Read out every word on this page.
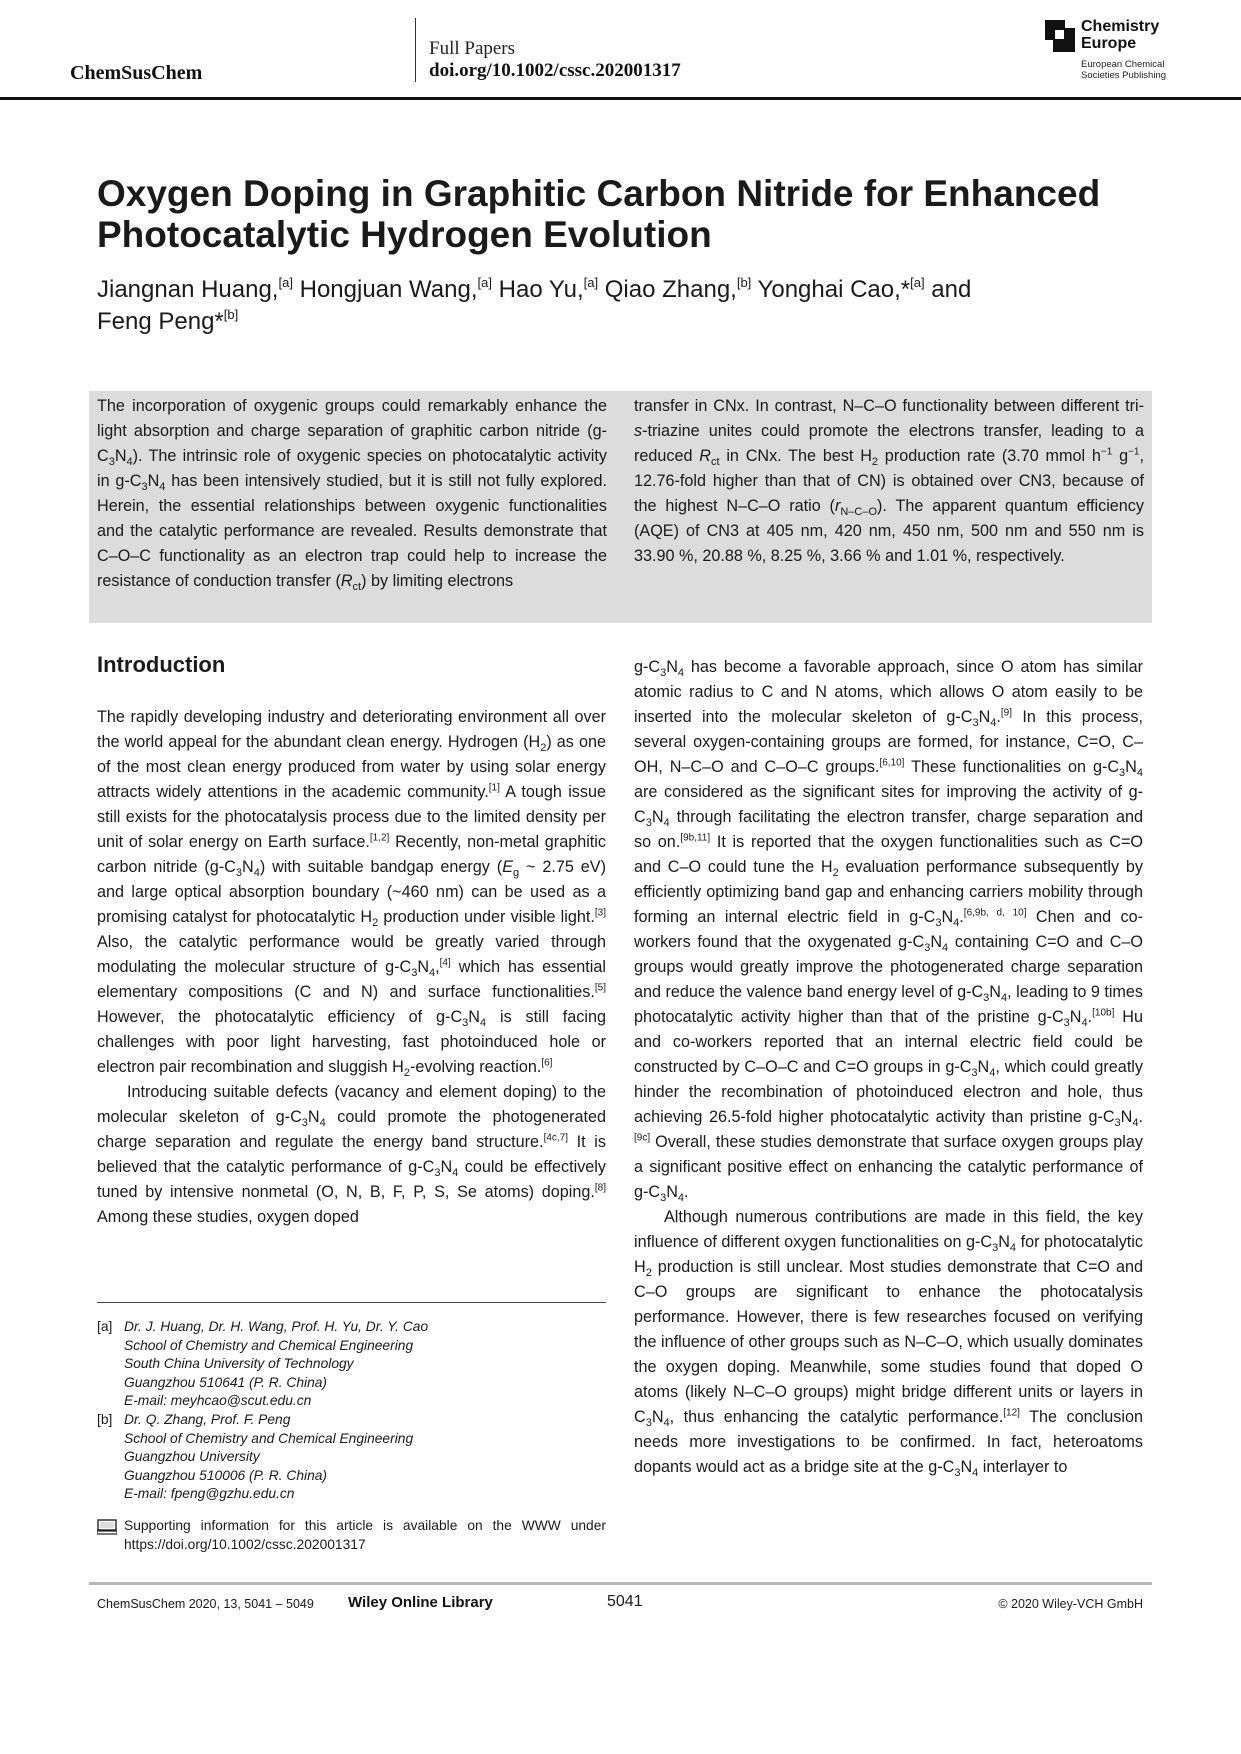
ChemSusChem
Full Papers
doi.org/10.1002/cssc.202001317
Chemistry
Europe
European Chemical
Societies Publishing
Oxygen Doping in Graphitic Carbon Nitride for Enhanced
Photocatalytic Hydrogen Evolution
Jiangnan Huang,[a] Hongjuan Wang,[a] Hao Yu,[a] Qiao Zhang,[b] Yonghai Cao,*[a] and
Feng Peng*[b]
The incorporation of oxygenic groups could remarkably enhance the light absorption and charge separation of graphitic carbon nitride $(g-C_3N_4)$. The intrinsic role of oxygenic species on photocatalytic activity in $g-C_3N_4$ has been intensively studied, but it is still not fully explored. Herein, the essential relationships between oxygenic functionalities and the catalytic performance are revealed. Results demonstrate that C–O–C functionality as an electron trap could help to increase the resistance of conduction transfer $(R_{ct})$ by limiting electrons
transfer in CNx. In contrast, N–C–O functionality between different tri-s-triazine unites could promote the electrons transfer, leading to a reduced $R_{ct}$ in CNx. The best $H_2$ production rate (3.70 mmol $h^{-1}$ $g^{-1}$, 12.76-fold higher than that of CN) is obtained over CN3, because of the highest N–C–O ratio $(r_{N-C-O})$. The apparent quantum efficiency (AQE) of CN3 at 405 nm, 420 nm, 450 nm, 500 nm and 550 nm is 33.90 %, 20.88 %, 8.25 %, 3.66 % and 1.01 %, respectively.
Introduction

The rapidly developing industry and deteriorating environment all over the world appeal for the abundant clean energy. Hydrogen $(H_2)$ as one of the most clean energy produced from water by using solar energy attracts widely attentions in the academic community.[1] A tough issue still exists for the photocatalysis process due to the limited density per unit of solar energy on Earth surface.[1,2] Recently, non-metal graphitic carbon nitride $(g-C_3N_4)$ with suitable bandgap energy ($E_g$ ~ 2.75 eV) and large optical absorption boundary (~460 nm) can be used as a promising catalyst for photocatalytic $H_2$ production under visible light.[3] Also, the catalytic performance would be greatly varied through modulating the molecular structure of $g-C_3N_4,[4]$ which has essential elementary compositions (C and N) and surface functionalities.[5] However, the photocatalytic efficiency of $g-C_3N_4$ is still facing challenges with poor light harvesting, fast photoinduced hole or electron pair recombination and sluggish $H_2$-evolving reaction.[6]

Introducing suitable defects (vacancy and element doping) to the molecular skeleton of $g-C_3N_4$ could promote the photogenerated charge separation and regulate the energy band structure.[4c,7] It is believed that the catalytic performance of $g-C_3N_4$ could be effectively tuned by intensive nonmetal (O, N, B, F, P, S, Se atoms) doping.[8] Among these studies, oxygen doped

$g-C_3N_4$ has become a favorable approach, since O atom has similar atomic radius to C and N atoms, which allows O atom easily to be inserted into the molecular skeleton of $g-C_3N_4.[9]$ In this process, several oxygen-containing groups are formed, for instance, C=O, C–OH, N–C–O and C–O–C groups.[6,10] These functionalities on $g-C_3N_4$ are considered as the significant sites for improving the activity of $g-C_3N_4$ through facilitating the electron transfer, charge separation and so on.[9b,11] It is reported that the oxygen functionalities such as C=O and C–O could tune the $H_2$ evaluation performance subsequently by efficiently optimizing band gap and enhancing carriers mobility through forming an internal electric field in $g-C_3N_4.[6,9b, d, 10]$ Chen and co-workers found that the oxygenated $g-C_3N_4$ containing C=O and C–O groups would greatly improve the photogenerated charge separation and reduce the valence band energy level of $g-C_3N_4$, leading to 9 times photocatalytic activity higher than that of the pristine $g-C_3N_4.[10b]$ Hu and co-workers reported that an internal electric field could be constructed by C–O–C and C=O groups in $g-C_3N_4$, which could greatly hinder the recombination of photoinduced electron and hole, thus achieving 26.5-fold higher photocatalytic activity than pristine $g-C_3N_4.[9c]$ Overall, these studies demonstrate that surface oxygen groups play a significant positive effect on enhancing the catalytic performance of $g-C_3N_4$.

Although numerous contributions are made in this field, the key influence of different oxygen functionalities on $g-C_3N_4$ for photocatalytic $H_2$ production is still unclear. Most studies demonstrate that C=O and C–O groups are significant to enhance the photocatalysis performance. However, there is few researches focused on verifying the influence of other groups such as N–C–O, which usually dominates the oxygen doping. Meanwhile, some studies found that doped O atoms (likely N–C–O groups) might bridge different units or layers in $C_3N_4$, thus enhancing the catalytic performance.[12] The conclusion needs more investigations to be confirmed. In fact, heteroatoms dopants would act as a bridge site at the $g-C_3N_4$ interlayer to

[a] Dr. J. Huang, Dr. H. Wang, Prof. H. Yu, Dr. Y. Cao
School of Chemistry and Chemical Engineering
South China University of Technology
Guangzhou 510641 (P. R. China)
E-mail: meyhcao@scut.edu.cn
[b] Dr. Q. Zhang, Prof. F. Peng
School of Chemistry and Chemical Engineering
Guangzhou University
Guangzhou 510006 (P. R. China)
E-mail: fpeng@gzhu.edu.cn
Supporting information for this article is available on the WWW under https://doi.org/10.1002/cssc.202001317
ChemSusChem 2020, 13, 5041 – 5049 Wiley Online Library	5041	© 2020 Wiley-VCH GmbH
